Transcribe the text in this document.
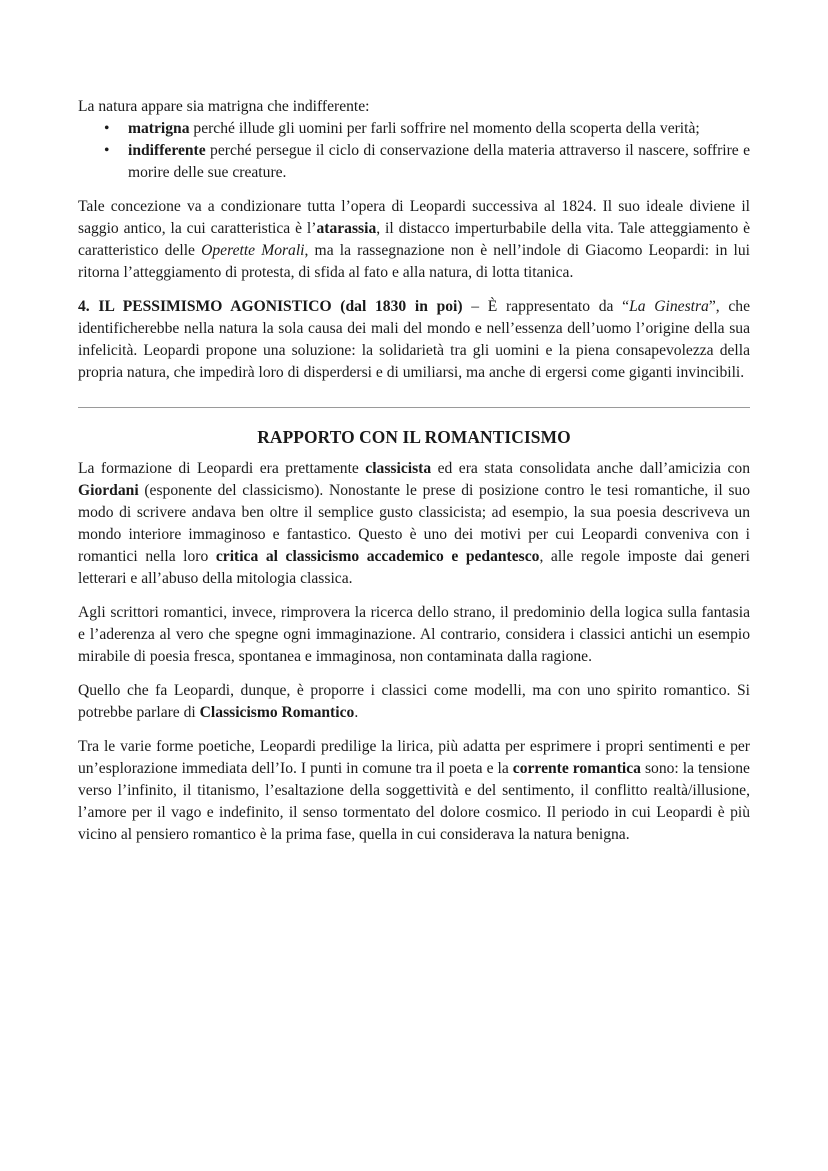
La natura appare sia matrigna che indifferente:

• matrigna perché illude gli uomini per farli soffrire nel momento della scoperta della verità;
• indifferente perché persegue il ciclo di conservazione della materia attraverso il nascere, soffrire e morire delle sue creature.

Tale concezione va a condizionare tutta l’opera di Leopardi successiva al 1824. Il suo ideale diviene il saggio antico, la cui caratteristica è l’atarassia, il distacco imperturbabile della vita. Tale atteggiamento è caratteristico delle Operette Morali, ma la rassegnazione non è nell’indole di Giacomo Leopardi: in lui ritorna l’atteggiamento di protesta, di sfida al fato e alla natura, di lotta titanica.

4. IL PESSIMISMO AGONISTICO (dal 1830 in poi) – È rappresentato da “La Ginestra”, che identificherebbe nella natura la sola causa dei mali del mondo e nell’essenza dell’uomo l’origine della sua infelicità. Leopardi propone una soluzione: la solidarietà tra gli uomini e la piena consapevolezza della propria natura, che impedirà loro di disperdersi e di umiliarsi, ma anche di ergersi come giganti invincibili.

RAPPORTO CON IL ROMANTICISMO

La formazione di Leopardi era prettamente classicista ed era stata consolidata anche dall’amicizia con Giordani (esponente del classicismo). Nonostante le prese di posizione contro le tesi romantiche, il suo modo di scrivere andava ben oltre il semplice gusto classicista; ad esempio, la sua poesia descriveva un mondo interiore immaginoso e fantastico. Questo è uno dei motivi per cui Leopardi conveniva con i romantici nella loro critica al classicismo accademico e pedantesco, alle regole imposte dai generi letterari e all’abuso della mitologia classica.

Agli scrittori romantici, invece, rimprovera la ricerca dello strano, il predominio della logica sulla fantasia e l’aderenza al vero che spegne ogni immaginazione. Al contrario, considera i classici antichi un esempio mirabile di poesia fresca, spontanea e immaginosa, non contaminata dalla ragione.

Quello che fa Leopardi, dunque, è proporre i classici come modelli, ma con uno spirito romantico. Si potrebbe parlare di Classicismo Romantico.

Tra le varie forme poetiche, Leopardi predilige la lirica, più adatta per esprimere i propri sentimenti e per un’esplorazione immediata dell’Io. I punti in comune tra il poeta e la corrente romantica sono: la tensione verso l’infinito, il titanismo, l’esaltazione della soggettività e del sentimento, il conflitto realtà/illusione, l’amore per il vago e indefinito, il senso tormentato del dolore cosmico. Il periodo in cui Leopardi è più vicino al pensiero romantico è la prima fase, quella in cui considerava la natura benigna.
